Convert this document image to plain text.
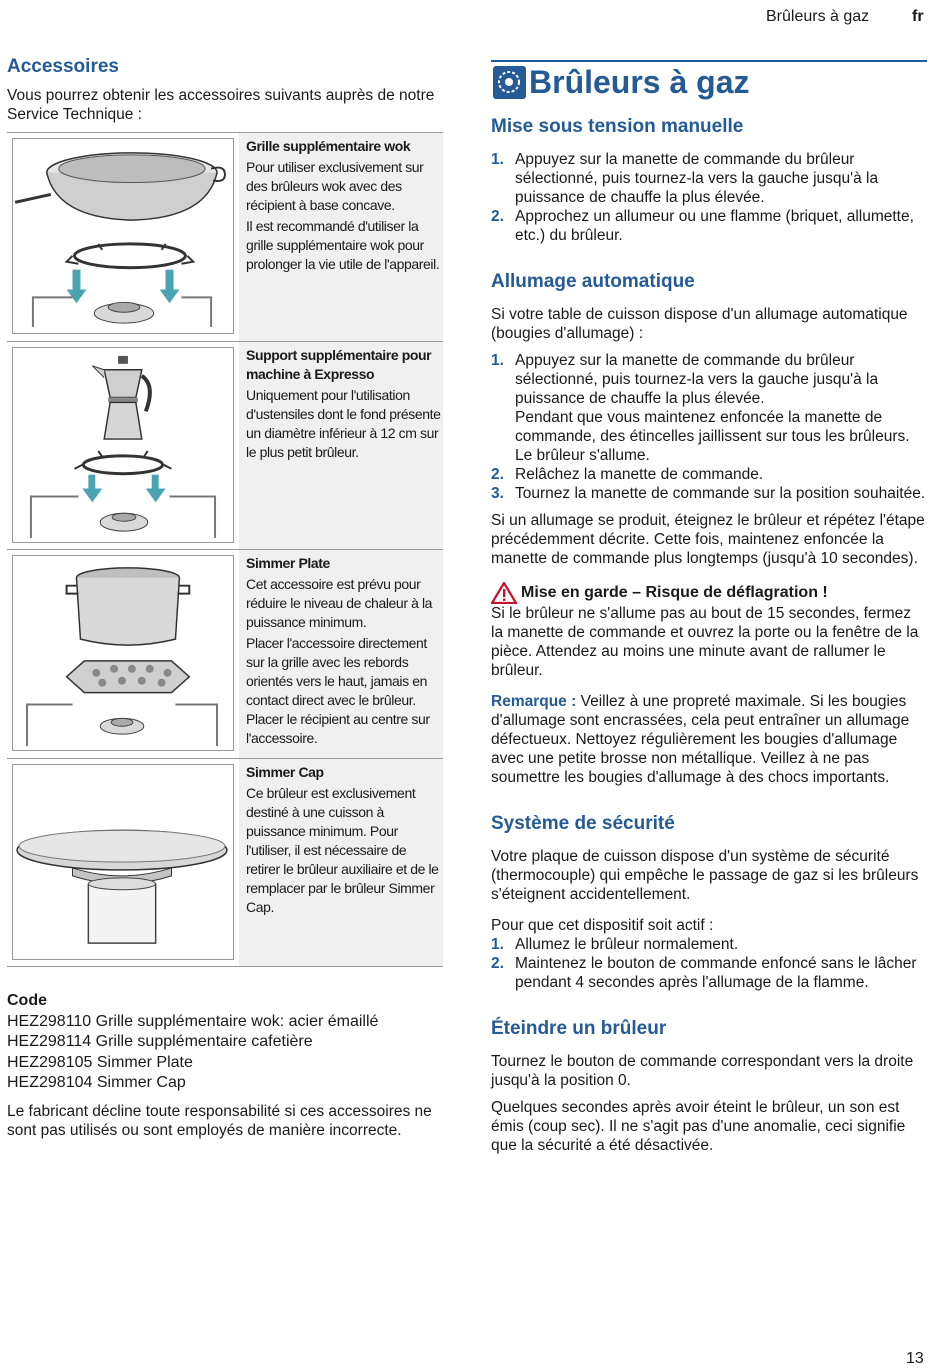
Brûleurs à gaz	fr
Accessoires

Vous pourrez obtenir les accessoires suivants auprès de notre Service Technique :

Grille supplémentaire wok

Pour utiliser exclusivement sur des brûleurs wok avec des récipient à base concave.

Il est recommandé d'utiliser la grille supplémentaire wok pour prolonger la vie utile de l'appareil.

Support supplémentaire pour machine à Expresso

Uniquement pour l'utilisation d'ustensiles dont le fond présente un diamètre inférieur à 12 cm sur le plus petit brûleur.

Simmer Plate

Cet accessoire est prévu pour réduire le niveau de chaleur à la puissance minimum.

Placer l'accessoire directement sur la grille avec les rebords orientés vers le haut, jamais en contact direct avec le brûleur. Placer le récipient au centre sur l'accessoire.

Simmer Cap

Ce brûleur est exclusivement destiné à une cuisson à puissance minimum. Pour l'utiliser, il est nécessaire de retirer le brûleur auxiliaire et de le remplacer par le brûleur Simmer Cap.

Code

HEZ298110 Grille supplémentaire wok: acier émaillé

HEZ298114 Grille supplémentaire cafetière

HEZ298105 Simmer Plate

HEZ298104 Simmer Cap

Le fabricant décline toute responsabilité si ces accessoires ne sont pas utilisés ou sont employés de manière incorrecte.

Brûleurs à gaz
Mise sous tension manuelle
1. Appuyez sur la manette de commande du brûleur sélectionné, puis tournez-la vers la gauche jusqu'à la puissance de chauffe la plus élevée.
2. Approchez un allumeur ou une flamme (briquet, allumette, etc.) du brûleur.
Allumage automatique

Si votre table de cuisson dispose d'un allumage automatique (bougies d'allumage) :

1. Appuyez sur la manette de commande du brûleur sélectionné, puis tournez-la vers la gauche jusqu'à la puissance de chauffe la plus élevée.
Pendant que vous maintenez enfoncée la manette de commande, des étincelles jaillissent sur tous les brûleurs. Le brûleur s'allume.
2. Relâchez la manette de commande.
3. Tournez la manette de commande sur la position souhaitée.

Si un allumage se produit, éteignez le brûleur et répétez l'étape précédemment décrite. Cette fois, maintenez enfoncée la manette de commande plus longtemps (jusqu'à 10 secondes).

Mise en garde – Risque de déflagration !

Si le brûleur ne s'allume pas au bout de 15 secondes, fermez la manette de commande et ouvrez la porte ou la fenêtre de la pièce. Attendez au moins une minute avant de rallumer le brûleur.

Remarque : Veillez à une propreté maximale. Si les bougies d'allumage sont encrassées, cela peut entraîner un allumage défectueux. Nettoyez régulièrement les bougies d'allumage avec une petite brosse non métallique. Veillez à ne pas soumettre les bougies d'allumage à des chocs importants.

Système de sécurité

Votre plaque de cuisson dispose d'un système de sécurité (thermocouple) qui empêche le passage de gaz si les brûleurs s'éteignent accidentellement.

Pour que cet dispositif soit actif :

1. Allumez le brûleur normalement.
2. Maintenez le bouton de commande enfoncé sans le lâcher pendant 4 secondes après l'allumage de la flamme.
Éteindre un brûleur

Tournez le bouton de commande correspondant vers la droite jusqu'à la position 0.

Quelques secondes après avoir éteint le brûleur, un son est émis (coup sec). Il ne s'agit pas d'une anomalie, ceci signifie que la sécurité a été désactivée.

13
